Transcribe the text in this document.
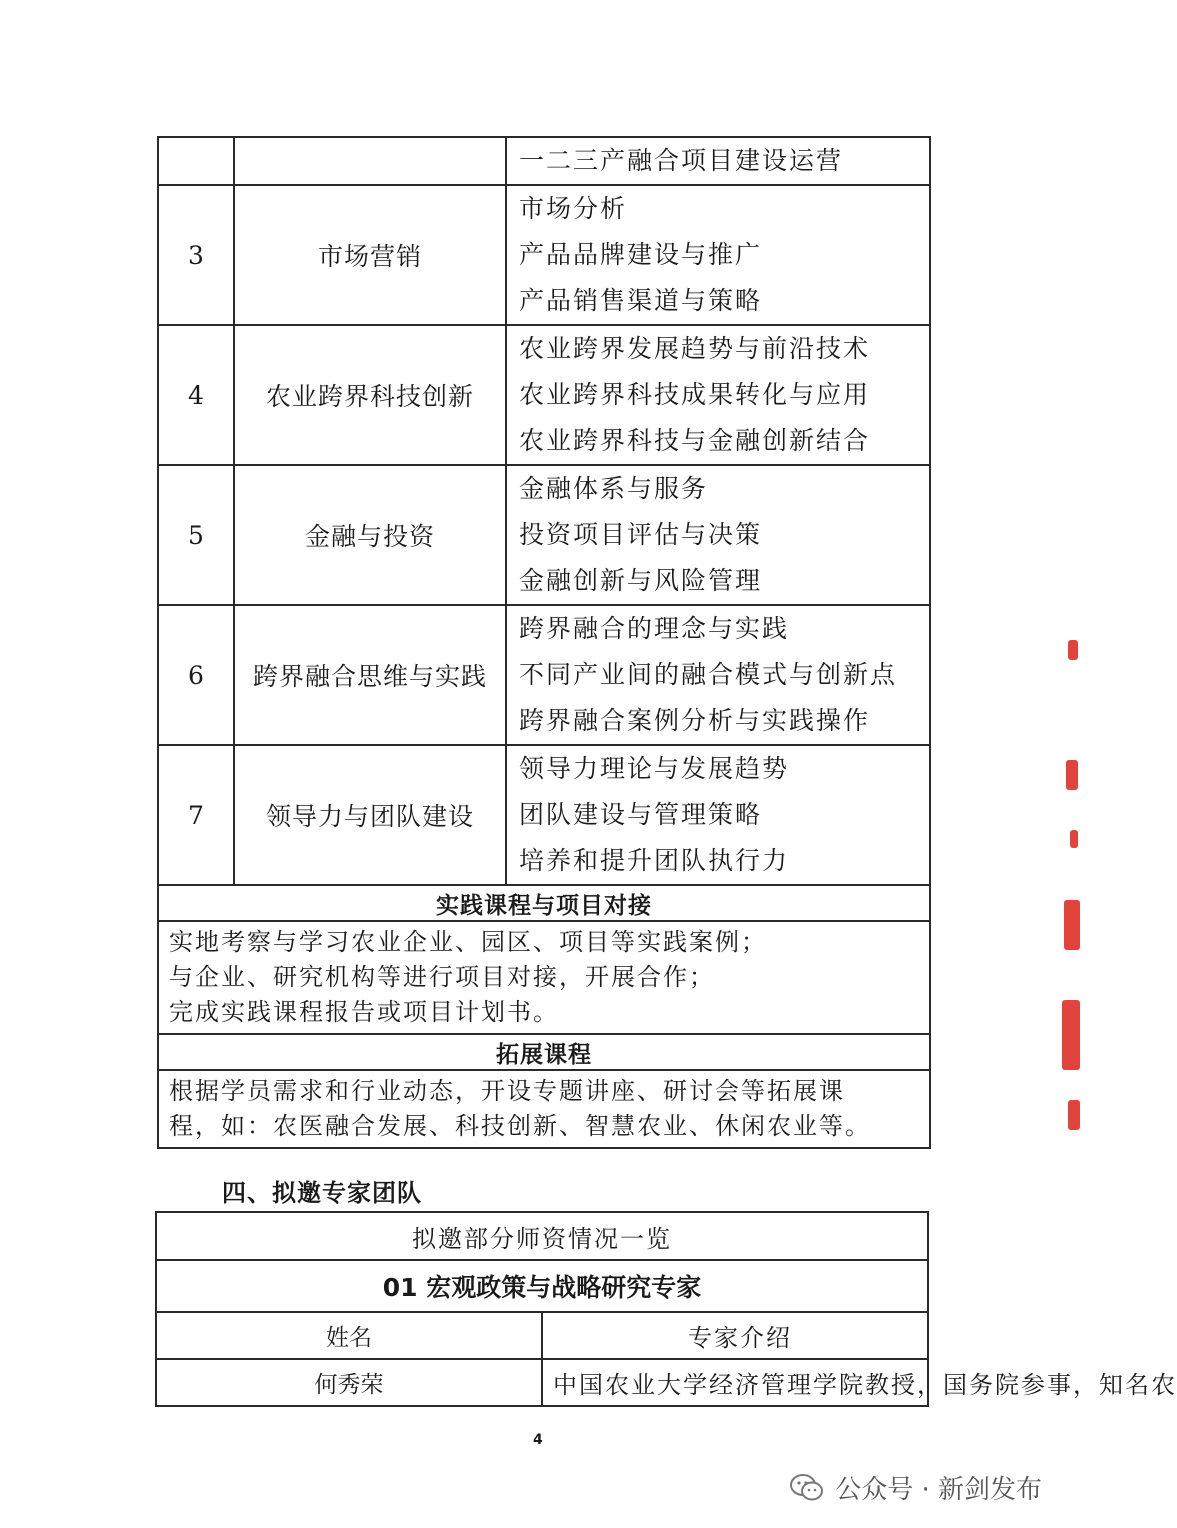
		一二三产融合项目建设运营

3	市场营销	市场分析
产品品牌建设与推广
产品销售渠道与策略

4	农业跨界科技创新	农业跨界发展趋势与前沿技术
农业跨界科技成果转化与应用
农业跨界科技与金融创新结合

5	金融与投资	金融体系与服务
投资项目评估与决策
金融创新与风险管理

6	跨界融合思维与实践	跨界融合的理念与实践
不同产业间的融合模式与创新点
跨界融合案例分析与实践操作

7	领导力与团队建设	领导力理论与发展趋势
团队建设与管理策略
培养和提升团队执行力

实践课程与项目对接		

实地考察与学习农业企业、园区、项目等实践案例；
与企业、研究机构等进行项目对接，开展合作；
完成实践课程报告或项目计划书。		

拓展课程		

根据学员需求和行业动态，开设专题讲座、研讨会等拓展课
程，如：农医融合发展、科技创新、智慧农业、休闲农业等。		
四、拟邀专家团队
拟邀部分师资情况一览	
01 宏观政策与战略研究专家	
姓名	专家介绍
何秀荣	中国农业大学经济管理学院教授，国务院参事，知名农
4
公众号 · 新剑发布
